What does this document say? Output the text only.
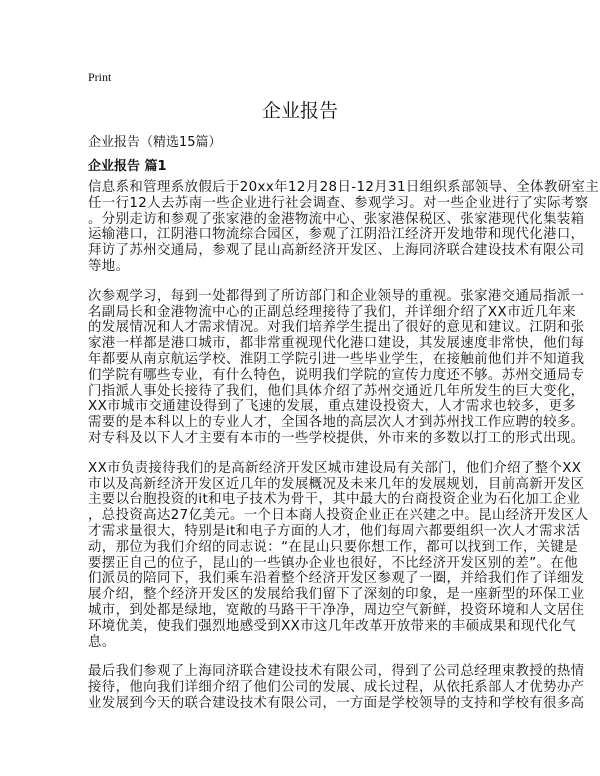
Print
企业报告
企业报告（精选15篇）
企业报告 篇1
信息系和管理系放假后于20xx年12月28日-12月31日组织系部领导、全体教研室主
任一行12人去苏南一些企业进行社会调查、参观学习。对一些企业进行了实际考察
。分别走访和参观了张家港的金港物流中心、张家港保税区、张家港现代化集装箱
运输港口，江阴港口物流综合园区，参观了江阴沿江经济开发地带和现代化港口，
拜访了苏州交通局，参观了昆山高新经济开发区、上海同济联合建设技术有限公司
等地。
次参观学习，每到一处都得到了所访部门和企业领导的重视。张家港交通局指派一
名副局长和金港物流中心的正副总经理接待了我们，并详细介绍了XX市近几年来
的发展情况和人才需求情况。对我们培养学生提出了很好的意见和建议。江阴和张
家港一样都是港口城市，都非常重视现代化港口建设，其发展速度非常快，他们每
年都要从南京航运学校、淮阴工学院引进一些毕业学生，在接触前他们并不知道我
们学院有哪些专业，有什么特色，说明我们学院的宣传力度还不够。苏州交通局专
门指派人事处长接待了我们，他们具体介绍了苏州交通近几年所发生的巨大变化，
XX市城市交通建设得到了飞速的发展，重点建设投资大，人才需求也较多，更多
需要的是本科以上的专业人才，全国各地的高层次人才到苏州找工作应聘的较多。
对专科及以下人才主要有本市的一些学校提供，外市来的多数以打工的形式出现。
XX市负责接待我们的是高新经济开发区城市建设局有关部门，他们介绍了整个XX
市以及高新经济开发区近几年的发展概况及未来几年的发展规划，目前高新开发区
主要以台胞投资的it和电子技术为骨干，其中最大的台商投资企业为石化加工企业
，总投资高达27亿美元。一个日本商人投资企业正在兴建之中。昆山经济开发区人
才需求量很大，特别是it和电子方面的人才，他们每周六都要组织一次人才需求活
动，那位为我们介绍的同志说：“在昆山只要你想工作，都可以找到工作，关键是
要摆正自己的位子，昆山的一些镇办企业也很好，不比经济开发区别的差”。在他
们派员的陪同下，我们乘车沿着整个经济开发区参观了一圈，并给我们作了详细发
展介绍，整个经济开发区的发展给我们留下了深刻的印象，是一座新型的环保工业
城市，到处都是绿地，宽敞的马路干干净净，周边空气新鲜，投资环境和人文居住
环境优美，使我们强烈地感受到XX市这几年改革开放带来的丰硕成果和现代化气
息。
最后我们参观了上海同济联合建设技术有限公司，得到了公司总经理束教授的热情
接待，他向我们详细介绍了他们公司的发展、成长过程，从依托系部人才优势办产
业发展到今天的联合建设技术有限公司，一方面是学校领导的支持和学校有很多高
